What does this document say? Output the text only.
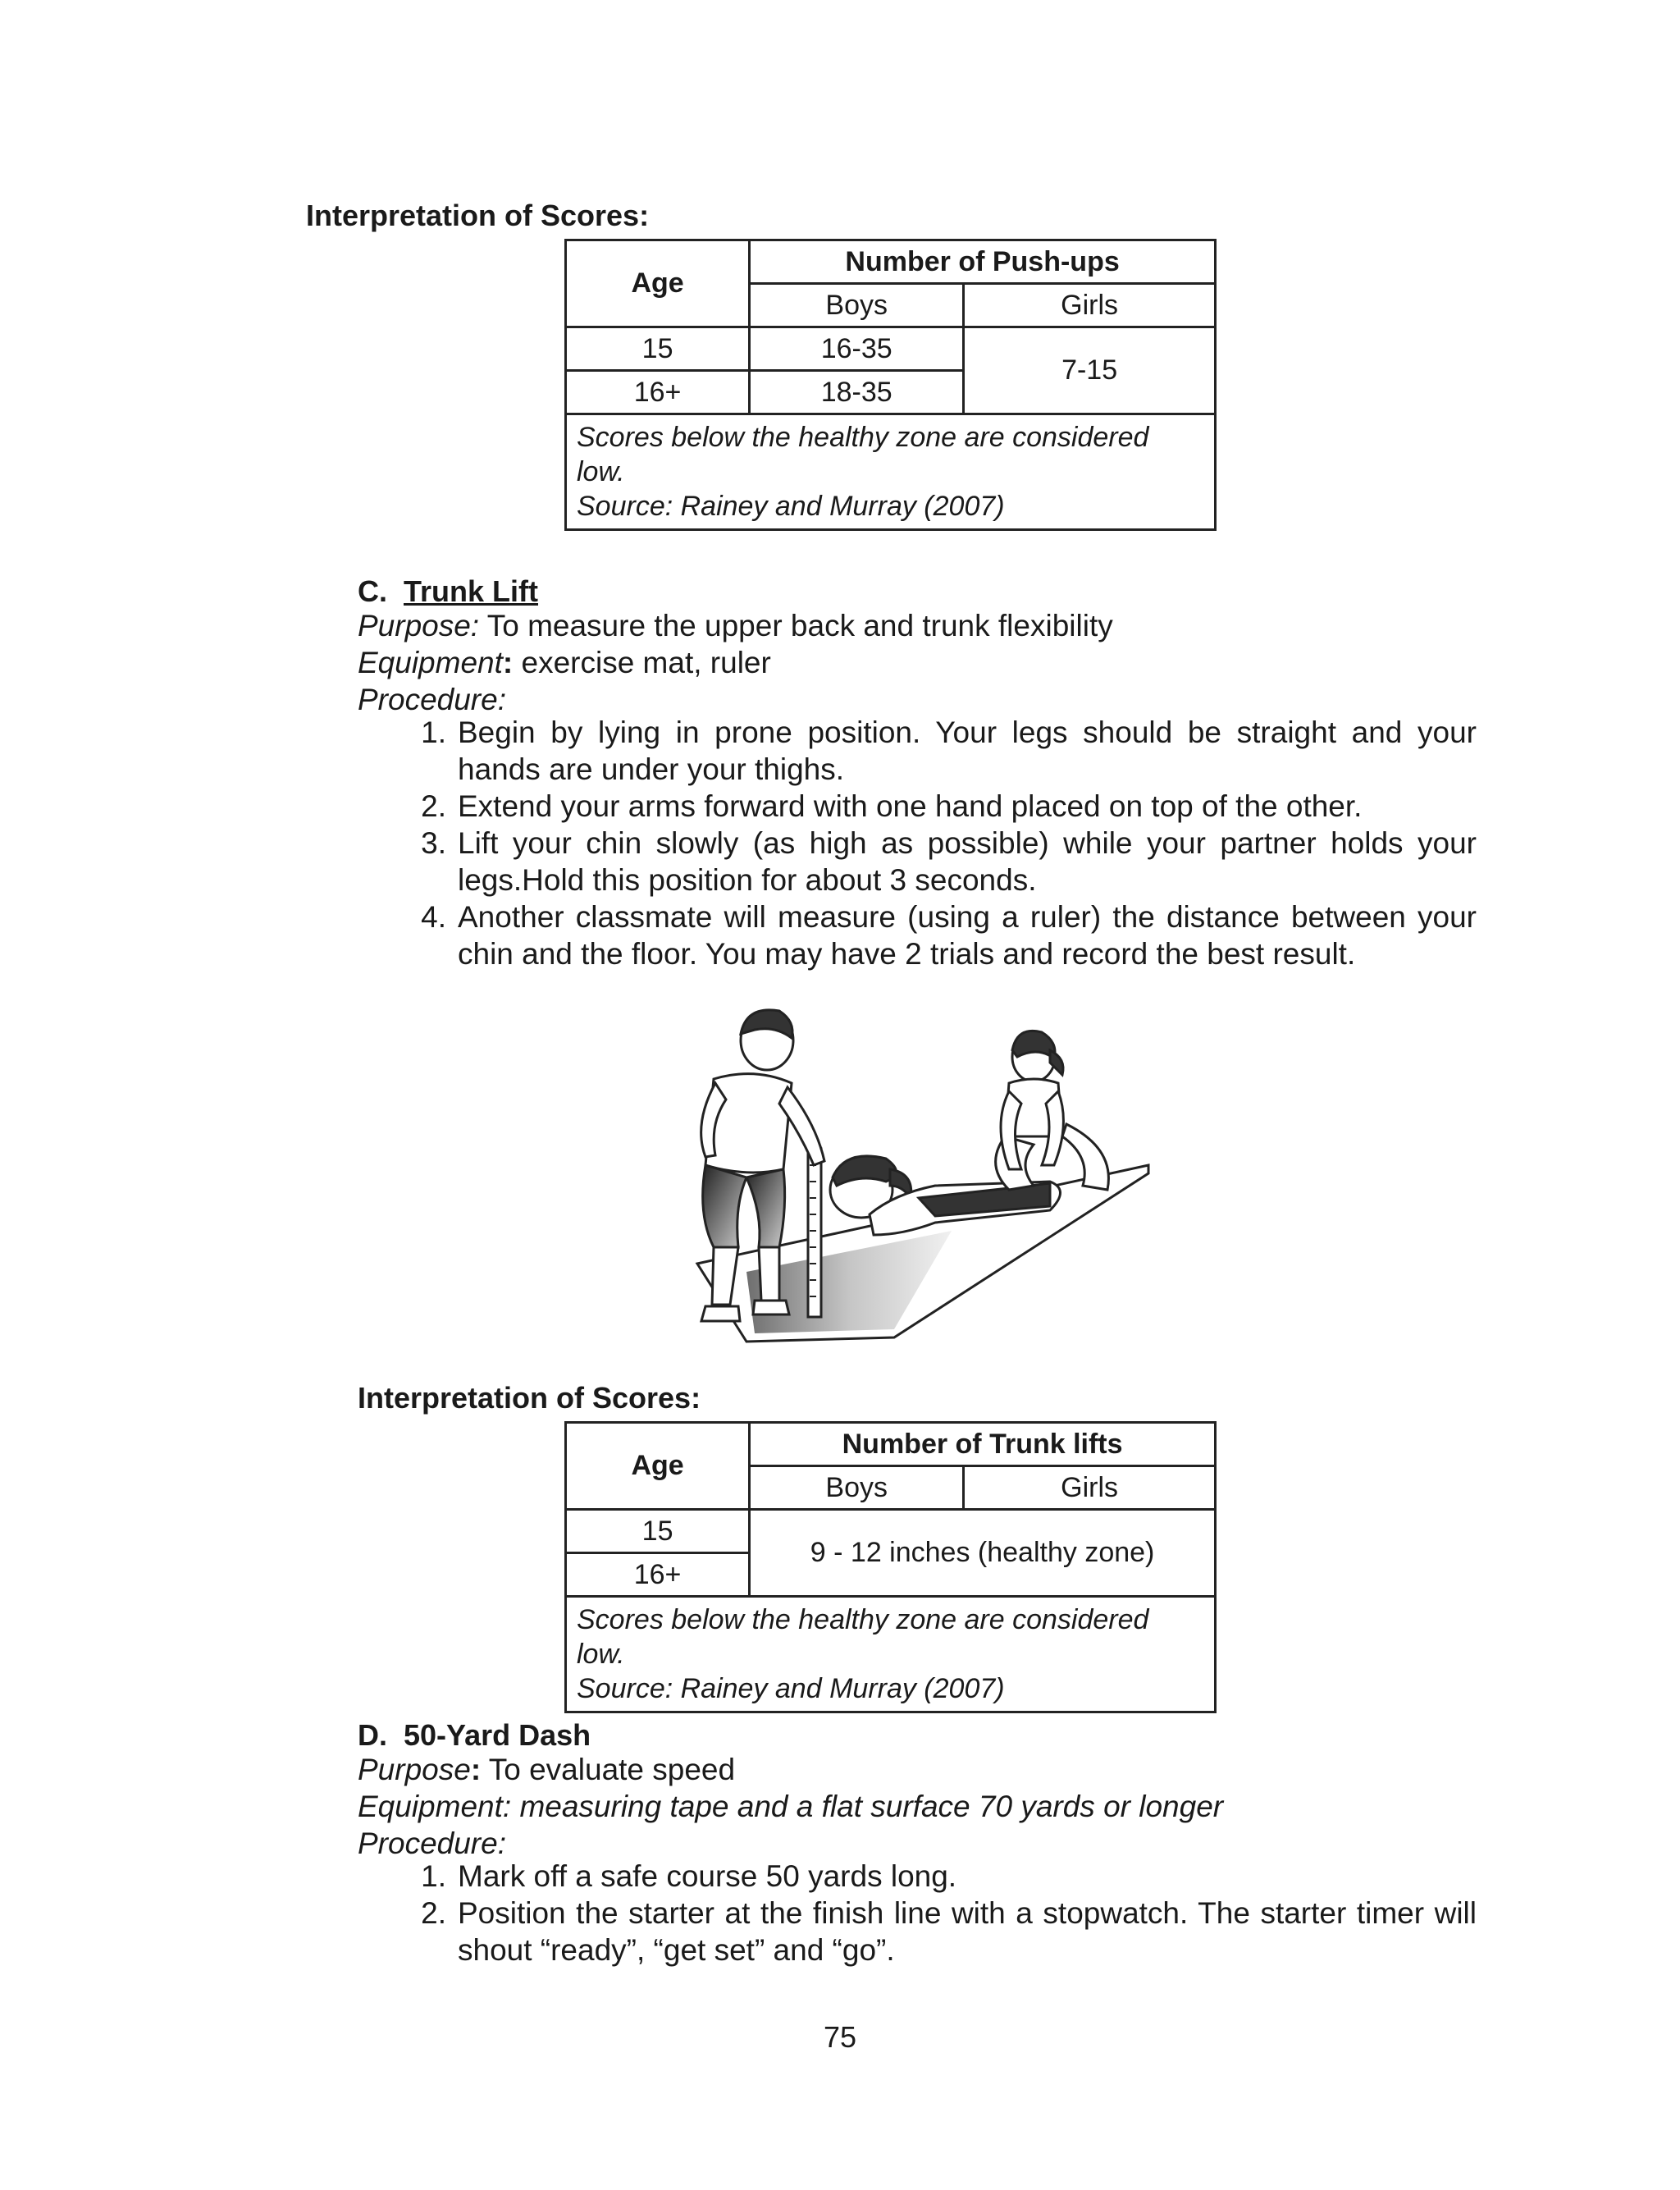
Interpretation of Scores:
Age	Number of Push-ups	
	Boys	Girls
15	16-35	7-15
16+	18-35	

Scores below the healthy zone are considered low.
Source: Rainey and Murray (2007)		
C. Trunk Lift
Purpose: To measure the upper back and trunk flexibility
Equipment: exercise mat, ruler
Procedure:
1. Begin by lying in prone position. Your legs should be straight and your hands are under your thighs.
2. Extend your arms forward with one hand placed on top of the other.
3. Lift your chin slowly (as high as possible) while your partner holds your legs.Hold this position for about 3 seconds.
4. Another classmate will measure (using a ruler) the distance between your chin and the floor. You may have 2 trials and record the best result.
Interpretation of Scores:
Age	Number of Trunk lifts	
	Boys	Girls
15	9 - 12 inches (healthy zone)	
16+		

Scores below the healthy zone are considered low.
Source: Rainey and Murray (2007)		
D. 50-Yard Dash
Purpose: To evaluate speed
Equipment: measuring tape and a flat surface 70 yards or longer
Procedure:
1. Mark off a safe course 50 yards long.
2. Position the starter at the finish line with a stopwatch. The starter timer will shout “ready”, “get set” and “go”.
75
